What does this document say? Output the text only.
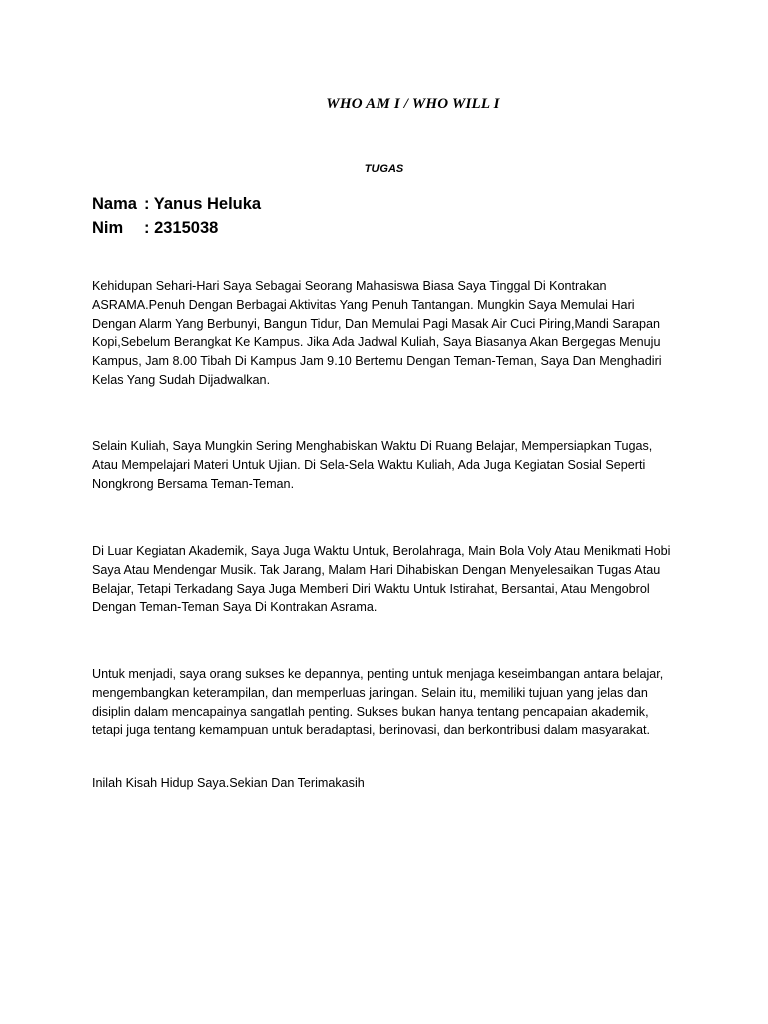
WHO AM I / WHO WILL I
TUGAS
Nama : Yanus Heluka
Nim	: 2315038

Kehidupan Sehari-Hari Saya Sebagai Seorang Mahasiswa Biasa Saya Tinggal Di Kontrakan ASRAMA.Penuh Dengan Berbagai Aktivitas Yang Penuh Tantangan. Mungkin Saya Memulai Hari Dengan Alarm Yang Berbunyi, Bangun Tidur, Dan Memulai Pagi Masak Air Cuci Piring,Mandi Sarapan Kopi,Sebelum Berangkat Ke Kampus. Jika Ada Jadwal Kuliah, Saya Biasanya Akan Bergegas Menuju Kampus, Jam 8.00 Tibah Di Kampus Jam 9.10 Bertemu Dengan Teman-Teman, Saya Dan Menghadiri Kelas Yang Sudah Dijadwalkan.

Selain Kuliah, Saya Mungkin Sering Menghabiskan Waktu Di Ruang Belajar, Mempersiapkan Tugas, Atau Mempelajari Materi Untuk Ujian. Di Sela-Sela Waktu Kuliah, Ada Juga Kegiatan Sosial Seperti Nongkrong Bersama Teman-Teman.

Di Luar Kegiatan Akademik, Saya Juga Waktu Untuk, Berolahraga, Main Bola Voly Atau Menikmati Hobi Saya Atau Mendengar Musik. Tak Jarang, Malam Hari Dihabiskan Dengan Menyelesaikan Tugas Atau Belajar, Tetapi Terkadang Saya Juga Memberi Diri Waktu Untuk Istirahat, Bersantai, Atau Mengobrol Dengan Teman-Teman Saya Di Kontrakan Asrama.

Untuk menjadi, saya orang sukses ke depannya, penting untuk menjaga keseimbangan antara belajar, mengembangkan keterampilan, dan memperluas jaringan. Selain itu, memiliki tujuan yang jelas dan disiplin dalam mencapainya sangatlah penting. Sukses bukan hanya tentang pencapaian akademik, tetapi juga tentang kemampuan untuk beradaptasi, berinovasi, dan berkontribusi dalam masyarakat.

Inilah Kisah Hidup Saya.Sekian Dan Terimakasih
